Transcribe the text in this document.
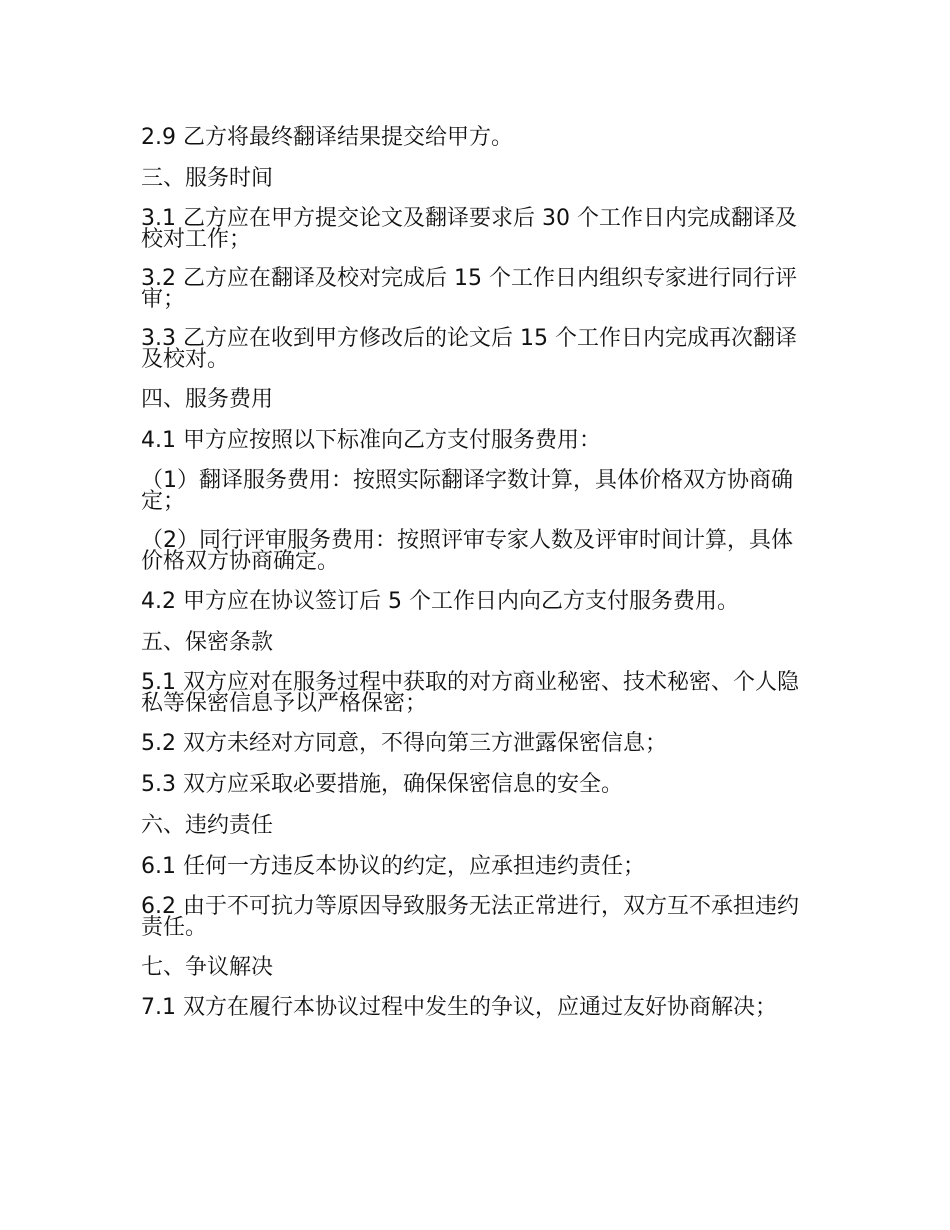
2.9 乙方将最终翻译结果提交给甲方。

三、服务时间

3.1 乙方应在甲方提交论文及翻译要求后 30 个工作日内完成翻译及校对工作；

3.2 乙方应在翻译及校对完成后 15 个工作日内组织专家进行同行评审；

3.3 乙方应在收到甲方修改后的论文后 15 个工作日内完成再次翻译及校对。

四、服务费用

4.1 甲方应按照以下标准向乙方支付服务费用：

（1）翻译服务费用：按照实际翻译字数计算，具体价格双方协商确定；

（2）同行评审服务费用：按照评审专家人数及评审时间计算，具体价格双方协商确定。

4.2 甲方应在协议签订后 5 个工作日内向乙方支付服务费用。

五、保密条款

5.1 双方应对在服务过程中获取的对方商业秘密、技术秘密、个人隐私等保密信息予以严格保密；

5.2 双方未经对方同意，不得向第三方泄露保密信息；

5.3 双方应采取必要措施，确保保密信息的安全。

六、违约责任

6.1 任何一方违反本协议的约定，应承担违约责任；

6.2 由于不可抗力等原因导致服务无法正常进行，双方互不承担违约责任。

七、争议解决

7.1 双方在履行本协议过程中发生的争议，应通过友好协商解决；
